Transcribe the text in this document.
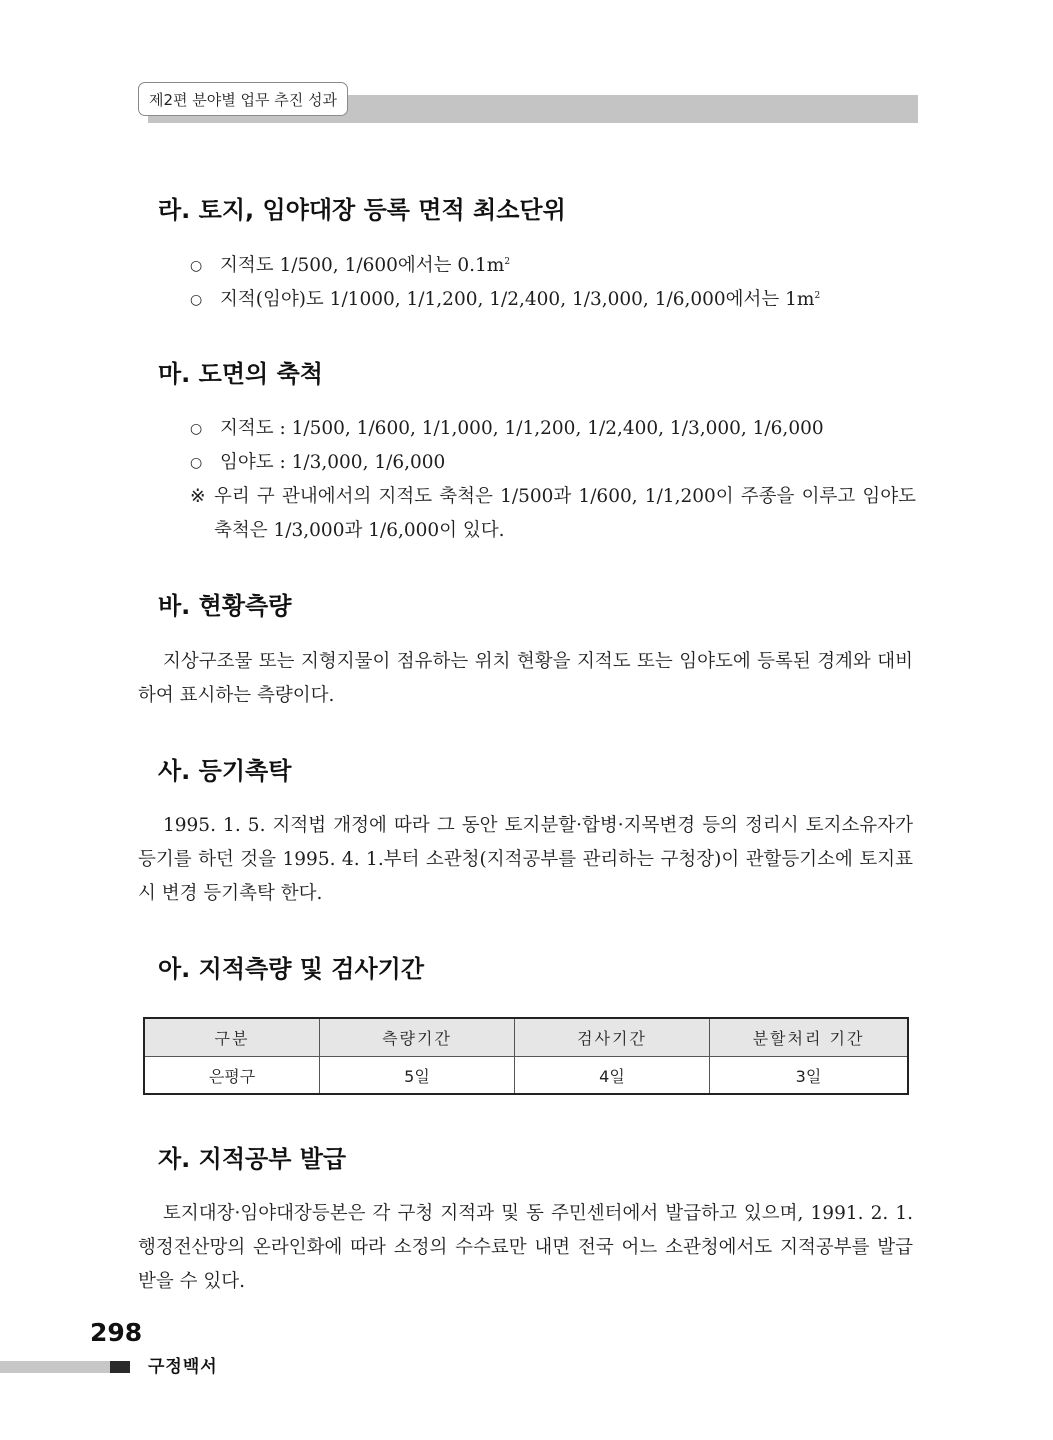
제2편 분야별 업무 추진 성과
라. 토지, 임야대장 등록 면적 최소단위
○ 지적도 1/500, 1/600에서는 $0.1m^2$
○ 지적(임야)도 1/1000, 1/1,200, 1/2,400, 1/3,000, 1/6,000에서는 $1m^2$
마. 도면의 축척
○ 지적도 : 1/500, 1/600, 1/1,000, 1/1,200, 1/2,400, 1/3,000, 1/6,000
○ 임야도 : 1/3,000, 1/6,000
※ 우리 구 관내에서의 지적도 축척은 1/500과 1/600, 1/1,200이 주종을 이루고 임야도 축척은 1/3,000과 1/6,000이 있다.
바. 현황측량
지상구조물 또는 지형지물이 점유하는 위치 현황을 지적도 또는 임야도에 등록된 경계와 대비하여 표시하는 측량이다.
사. 등기촉탁
1995. 1. 5. 지적법 개정에 따라 그 동안 토지분할·합병·지목변경 등의 정리시 토지소유자가 등기를 하던 것을 1995. 4. 1.부터 소관청(지적공부를 관리하는 구청장)이 관할등기소에 토지표시 변경 등기촉탁 한다.
아. 지적측량 및 검사기간
구분	측량기간	검사기간	분할처리 기간
은평구	5일	4일	3일
자. 지적공부 발급
토지대장·임야대장등본은 각 구청 지적과 및 동 주민센터에서 발급하고 있으며, 1991. 2. 1. 행정전산망의 온라인화에 따라 소정의 수수료만 내면 전국 어느 소관청에서도 지적공부를 발급 받을 수 있다.
298
구정백서
